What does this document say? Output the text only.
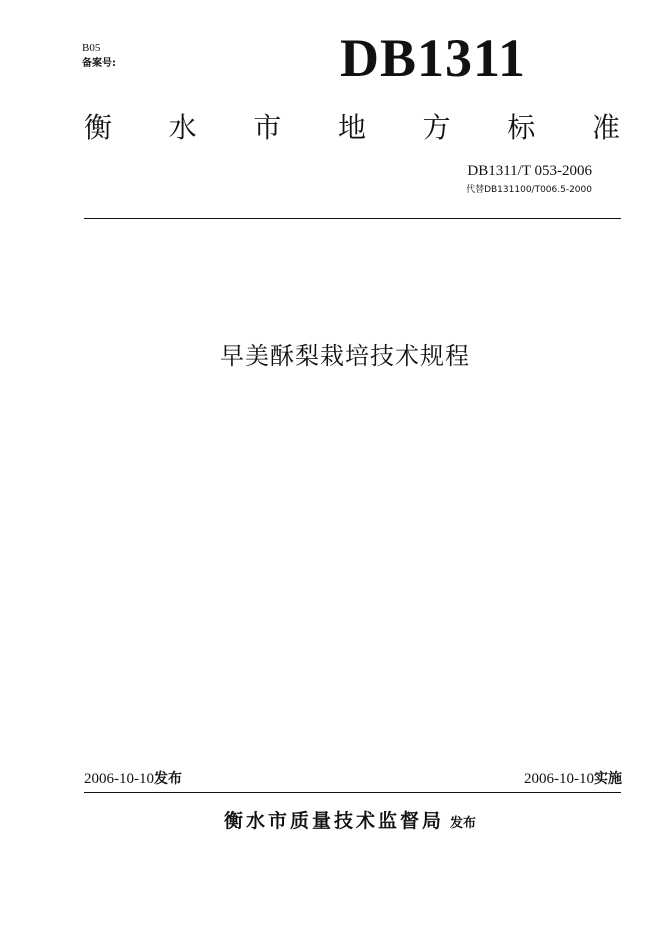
B05
备案号:	DB1311
衡 水 市 地 方 标 准
DB1311/T 053-2006
代替DB131100/T006.5-2000
早美酥梨栽培技术规程
2006-10-10发布	2006-10-10实施
衡水市质量技术监督局 发布
